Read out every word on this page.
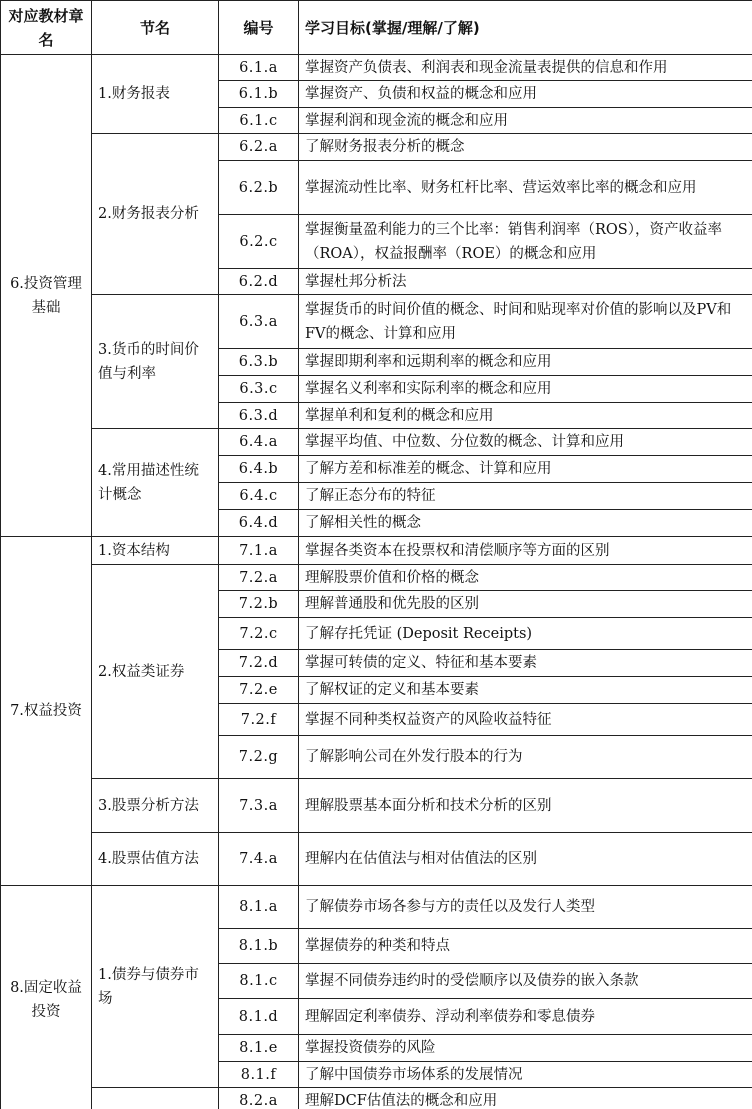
对应教材章名	节名	编号	学习目标(掌握/理解/了解)
6.投资管理基础	1.财务报表	6.1.a	掌握资产负债表、利润表和现金流量表提供的信息和作用
		6.1.b	掌握资产、负债和权益的概念和应用
		6.1.c	掌握利润和现金流的概念和应用
	2.财务报表分析	6.2.a	了解财务报表分析的概念
		6.2.b	掌握流动性比率、财务杠杆比率、营运效率比率的概念和应用
		6.2.c	掌握衡量盈利能力的三个比率：销售利润率（ROS），资产收益率（ROA），权益报酬率（ROE）的概念和应用
		6.2.d	掌握杜邦分析法
	3.货币的时间价值与利率	6.3.a	掌握货币的时间价值的概念、时间和贴现率对价值的影响以及PV和FV的概念、计算和应用
		6.3.b	掌握即期利率和远期利率的概念和应用
		6.3.c	掌握名义利率和实际利率的概念和应用
		6.3.d	掌握单利和复利的概念和应用
	4.常用描述性统计概念	6.4.a	掌握平均值、中位数、分位数的概念、计算和应用
		6.4.b	了解方差和标准差的概念、计算和应用
		6.4.c	了解正态分布的特征
		6.4.d	了解相关性的概念
7.权益投资	1.资本结构	7.1.a	掌握各类资本在投票权和清偿顺序等方面的区别
	2.权益类证券	7.2.a	理解股票价值和价格的概念
		7.2.b	理解普通股和优先股的区别
		7.2.c	了解存托凭证 (Deposit Receipts)
		7.2.d	掌握可转债的定义、特征和基本要素
		7.2.e	了解权证的定义和基本要素
		7.2.f	掌握不同种类权益资产的风险收益特征
		7.2.g	了解影响公司在外发行股本的行为
	3.股票分析方法	7.3.a	理解股票基本面分析和技术分析的区别
	4.股票估值方法	7.4.a	理解内在估值法与相对估值法的区别
8.固定收益投资	1.债券与债券市场	8.1.a	了解债券市场各参与方的责任以及发行人类型
		8.1.b	掌握债券的种类和特点
		8.1.c	掌握不同债券违约时的受偿顺序以及债券的嵌入条款
		8.1.d	理解固定利率债券、浮动利率债券和零息债券
		8.1.e	掌握投资债券的风险
		8.1.f	了解中国债券市场体系的发展情况
		8.2.a	理解DCF估值法的概念和应用
